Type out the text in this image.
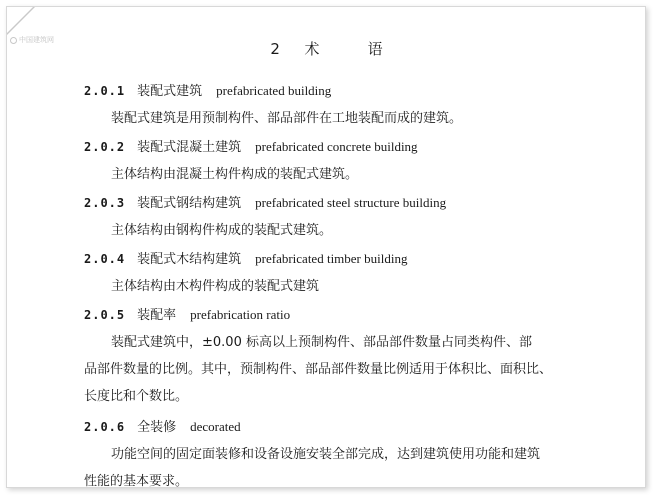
中国建筑网	2  术    语
2.0.1 装配式建筑 prefabricated building
装配式建筑是用预制构件、部品部件在工地装配而成的建筑。
2.0.2 装配式混凝土建筑 prefabricated concrete building
主体结构由混凝土构件构成的装配式建筑。
2.0.3 装配式钢结构建筑 prefabricated steel structure building
主体结构由钢构件构成的装配式建筑。
2.0.4 装配式木结构建筑 prefabricated timber building
主体结构由木构件构成的装配式建筑
2.0.5 装配率 prefabrication ratio
装配式建筑中，±0.00 标高以上预制构件、部品部件数量占同类构件、部
品部件数量的比例。其中，预制构件、部品部件数量比例适用于体积比、面积比、
长度比和个数比。
2.0.6 全装修 decorated
功能空间的固定面装修和设备设施安装全部完成，达到建筑使用功能和建筑
性能的基本要求。
